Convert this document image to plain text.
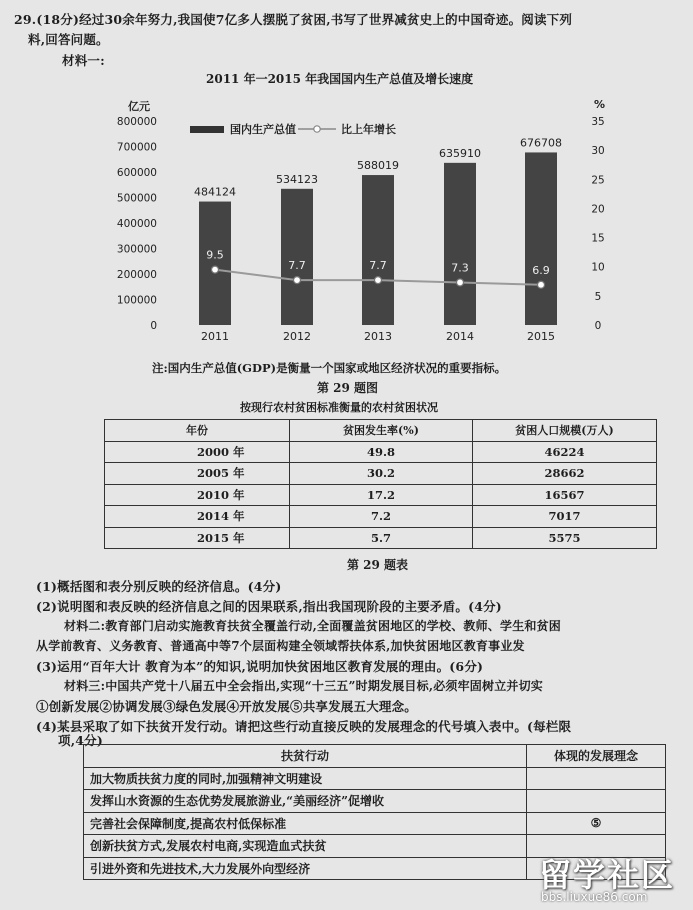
29.(18分)经过30余年努力,我国使7亿多人摆脱了贫困,书写了世界减贫史上的中国奇迹。阅读下列
料,回答问题。
材料一:
2011 年一2015 年我国国内生产总值及增长速度
亿元	%
0
100000
200000
300000
400000
500000
600000
700000
800000
0
5
10
15
20
25
30
35
国内生产总值	比上年增长
484124
2011
534123
2012
588019
2013
635910
2014
676708
2015
9.5
7.7	7.7	7.3	6.9
注:国内生产总值(GDP)是衡量一个国家或地区经济状况的重要指标。
第 29 题图
按现行农村贫困标准衡量的农村贫困状况
年份	贫困发生率(%)	贫困人口规模(万人)
2000 年	49.8	46224
2005 年	30.2	28662
2010 年	17.2	16567
2014 年	7.2	7017
2015 年	5.7	5575
第 29 题表
(1)概括图和表分别反映的经济信息。(4分)
(2)说明图和表反映的经济信息之间的因果联系,指出我国现阶段的主要矛盾。(4分)
材料二:教育部门启动实施教育扶贫全覆盖行动,全面覆盖贫困地区的学校、教师、学生和贫困
从学前教育、义务教育、普通高中等7个层面构建全领域帮扶体系,加快贫困地区教育事业发
(3)运用“百年大计 教育为本”的知识,说明加快贫困地区教育发展的理由。(6分)
材料三:中国共产党十八届五中全会指出,实现“十三五”时期发展目标,必须牢固树立并切实
①创新发展②协调发展③绿色发展④开放发展⑤共享发展五大理念。
(4)某县采取了如下扶贫开发行动。请把这些行动直接反映的发展理念的代号填入表中。(每栏限
项,4分)
扶贫行动	体现的发展理念
加大物质扶贫力度的同时,加强精神文明建设	
发挥山水资源的生态优势发展旅游业,“美丽经济”促增收	
完善社会保障制度,提高农村低保标准	⑤
创新扶贫方式,发展农村电商,实现造血式扶贫	
引进外资和先进技术,大力发展外向型经济		留学社区
bbs.liuxue86.com
